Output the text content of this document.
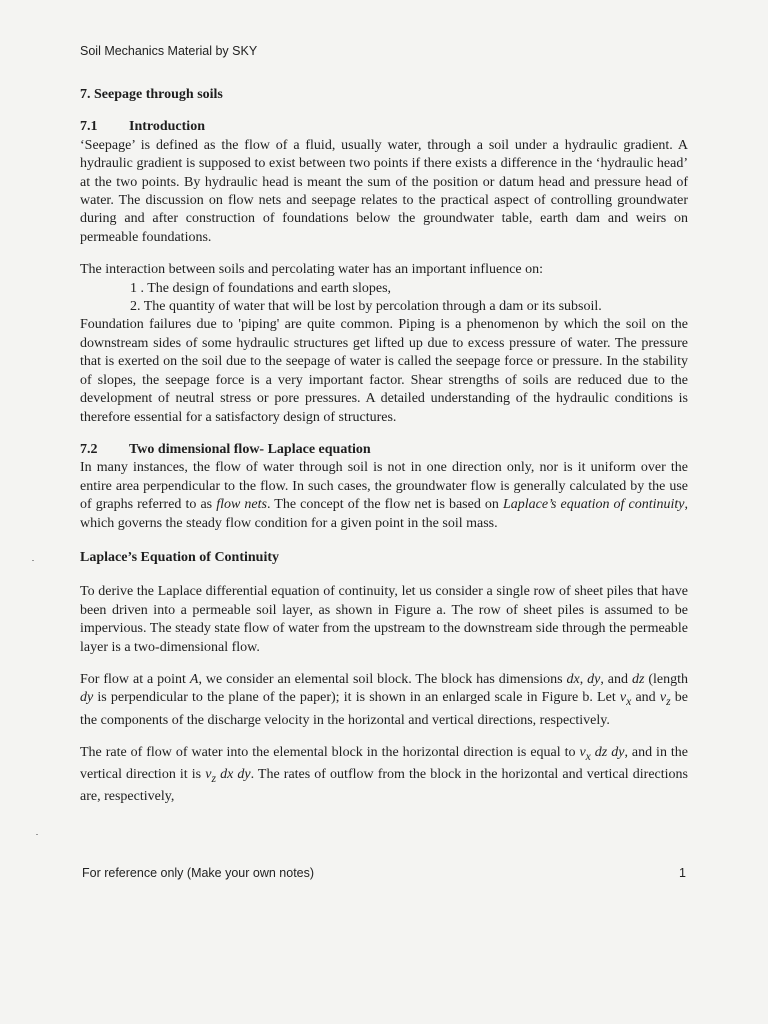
Soil Mechanics Material by SKY
7. Seepage through soils
7.1	Introduction

‘Seepage’ is defined as the flow of a fluid, usually water, through a soil under a hydraulic gradient. A hydraulic gradient is supposed to exist between two points if there exists a difference in the ‘hydraulic head’ at the two points. By hydraulic head is meant the sum of the position or datum head and pressure head of water. The discussion on flow nets and seepage relates to the practical aspect of controlling groundwater during and after construction of foundations below the groundwater table, earth dam and weirs on permeable foundations.

The interaction between soils and percolating water has an important influence on:

1 . The design of foundations and earth slopes,
2. The quantity of water that will be lost by percolation through a dam or its subsoil.

Foundation failures due to 'piping' are quite common. Piping is a phenomenon by which the soil on the downstream sides of some hydraulic structures get lifted up due to excess pressure of water. The pressure that is exerted on the soil due to the seepage of water is called the seepage force or pressure. In the stability of slopes, the seepage force is a very important factor. Shear strengths of soils are reduced due to the development of neutral stress or pore pressures. A detailed understanding of the hydraulic conditions is therefore essential for a satisfactory design of structures.

7.2	Two dimensional flow- Laplace equation

In many instances, the flow of water through soil is not in one direction only, nor is it uniform over the entire area perpendicular to the flow. In such cases, the groundwater flow is generally calculated by the use of graphs referred to as flow nets. The concept of the flow net is based on Laplace’s equation of continuity, which governs the steady flow condition for a given point in the soil mass.

Laplace’s Equation of Continuity

To derive the Laplace differential equation of continuity, let us consider a single row of sheet piles that have been driven into a permeable soil layer, as shown in Figure a. The row of sheet piles is assumed to be impervious. The steady state flow of water from the upstream to the downstream side through the permeable layer is a two-dimensional flow.

For flow at a point A, we consider an elemental soil block. The block has dimensions dx, dy, and dz (length dy is perpendicular to the plane of the paper); it is shown in an enlarged scale in Figure b. Let $v_x$ and $v_z$ be the components of the discharge velocity in the horizontal and vertical directions, respectively.

The rate of flow of water into the elemental block in the horizontal direction is equal to $v_x$ dz dy, and in the vertical direction it is $v_z$ dx dy. The rates of outflow from the block in the horizontal and vertical directions are, respectively,

For reference only (Make your own notes)	1
